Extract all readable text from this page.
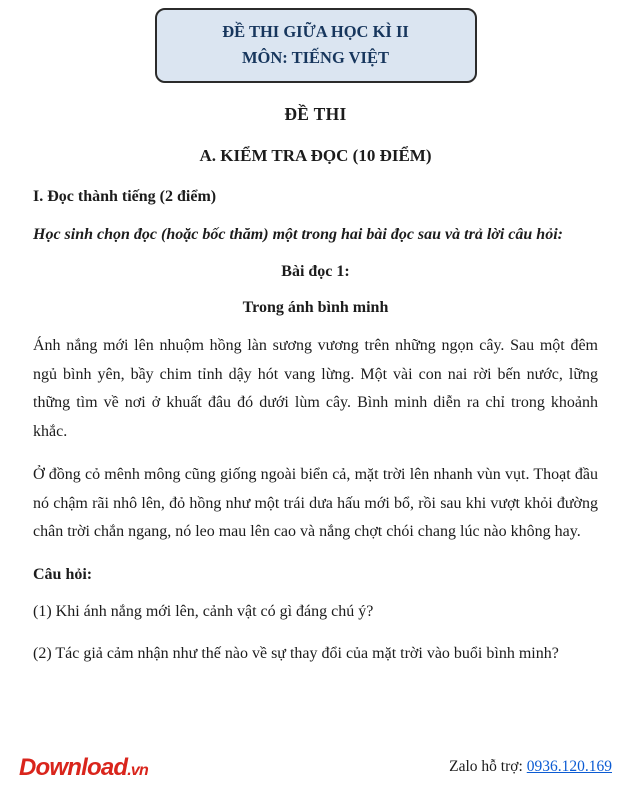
ĐỀ THI GIỮA HỌC KÌ II
MÔN: TIẾNG VIỆT
ĐỀ THI
A. KIỂM TRA ĐỌC (10 ĐIỂM)
I. Đọc thành tiếng (2 điểm)
Học sinh chọn đọc (hoặc bốc thăm) một trong hai bài đọc sau và trả lời câu hỏi:
Bài đọc 1:
Trong ánh bình minh

Ánh nắng mới lên nhuộm hồng làn sương vương trên những ngọn cây. Sau một đêm ngủ bình yên, bầy chim tỉnh dậy hót vang lừng. Một vài con nai rời bến nước, lững thững tìm về nơi ở khuất đâu đó dưới lùm cây. Bình minh diễn ra chỉ trong khoảnh khắc.

Ở đồng cỏ mênh mông cũng giống ngoài biển cả, mặt trời lên nhanh vùn vụt. Thoạt đầu nó chậm rãi nhô lên, đỏ hồng như một trái dưa hấu mới bổ, rồi sau khi vượt khỏi đường chân trời chắn ngang, nó leo mau lên cao và nắng chợt chói chang lúc nào không hay.

Câu hỏi:

(1) Khi ánh nắng mới lên, cảnh vật có gì đáng chú ý?

(2) Tác giả cảm nhận như thế nào về sự thay đổi của mặt trời vào buổi bình minh?

Download.vn	Zalo hỗ trợ: 0936.120.169
